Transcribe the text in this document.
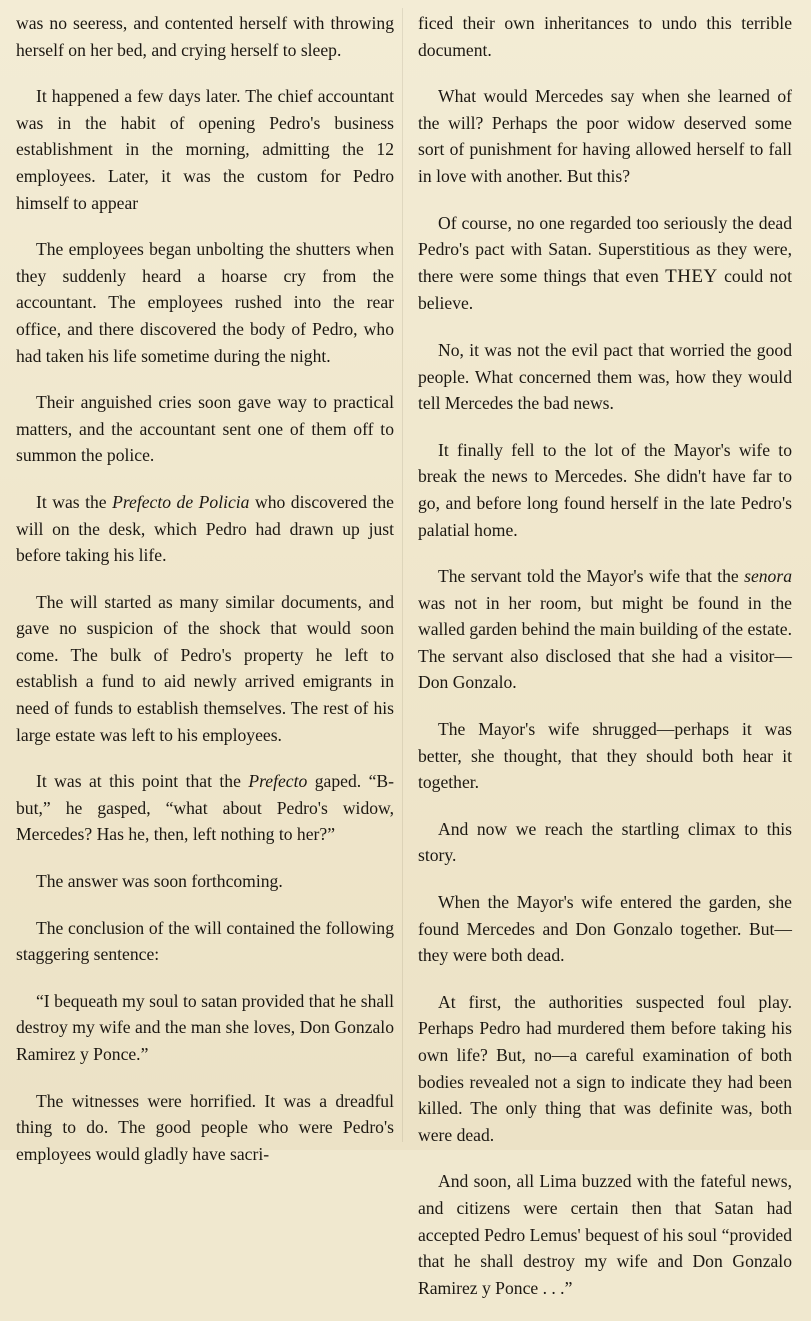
was no seeress, and contented herself with throwing herself on her bed, and crying herself to sleep.

It happened a few days later. The chief accountant was in the habit of opening Pedro's business establishment in the morning, admitting the 12 employees. Later, it was the custom for Pedro himself to appear

The employees began unbolting the shutters when they suddenly heard a hoarse cry from the accountant. The employees rushed into the rear office, and there discovered the body of Pedro, who had taken his life sometime during the night.

Their anguished cries soon gave way to practical matters, and the accountant sent one of them off to summon the police.

It was the Prefecto de Policia who discovered the will on the desk, which Pedro had drawn up just before taking his life.

The will started as many similar documents, and gave no suspicion of the shock that would soon come. The bulk of Pedro's property he left to establish a fund to aid newly arrived emigrants in need of funds to establish themselves. The rest of his large estate was left to his employees.

It was at this point that the Prefecto gaped. “B-but,” he gasped, “what about Pedro's widow, Mercedes? Has he, then, left nothing to her?”

The answer was soon forthcoming.

The conclusion of the will contained the following staggering sentence:

“I bequeath my soul to satan provided that he shall destroy my wife and the man she loves, Don Gonzalo Ramirez y Ponce.”

The witnesses were horrified. It was a dreadful thing to do. The good people who were Pedro's employees would gladly have sacri-

ficed their own inheritances to undo this terrible document.

What would Mercedes say when she learned of the will? Perhaps the poor widow deserved some sort of punishment for having allowed herself to fall in love with another. But this?

Of course, no one regarded too seriously the dead Pedro's pact with Satan. Superstitious as they were, there were some things that even THEY could not believe.

No, it was not the evil pact that worried the good people. What concerned them was, how they would tell Mercedes the bad news.

It finally fell to the lot of the Mayor's wife to break the news to Mercedes. She didn't have far to go, and before long found herself in the late Pedro's palatial home.

The servant told the Mayor's wife that the senora was not in her room, but might be found in the walled garden behind the main building of the estate. The servant also disclosed that she had a visitor—Don Gonzalo.

The Mayor's wife shrugged—perhaps it was better, she thought, that they should both hear it together.

And now we reach the startling climax to this story.

When the Mayor's wife entered the garden, she found Mercedes and Don Gonzalo together. But—they were both dead.

At first, the authorities suspected foul play. Perhaps Pedro had murdered them before taking his own life? But, no—a careful examination of both bodies revealed not a sign to indicate they had been killed. The only thing that was definite was, both were dead.

And soon, all Lima buzzed with the fateful news, and citizens were certain then that Satan had accepted Pedro Lemus' bequest of his soul “provided that he shall destroy my wife and Don Gonzalo Ramirez y Ponce . . .”
